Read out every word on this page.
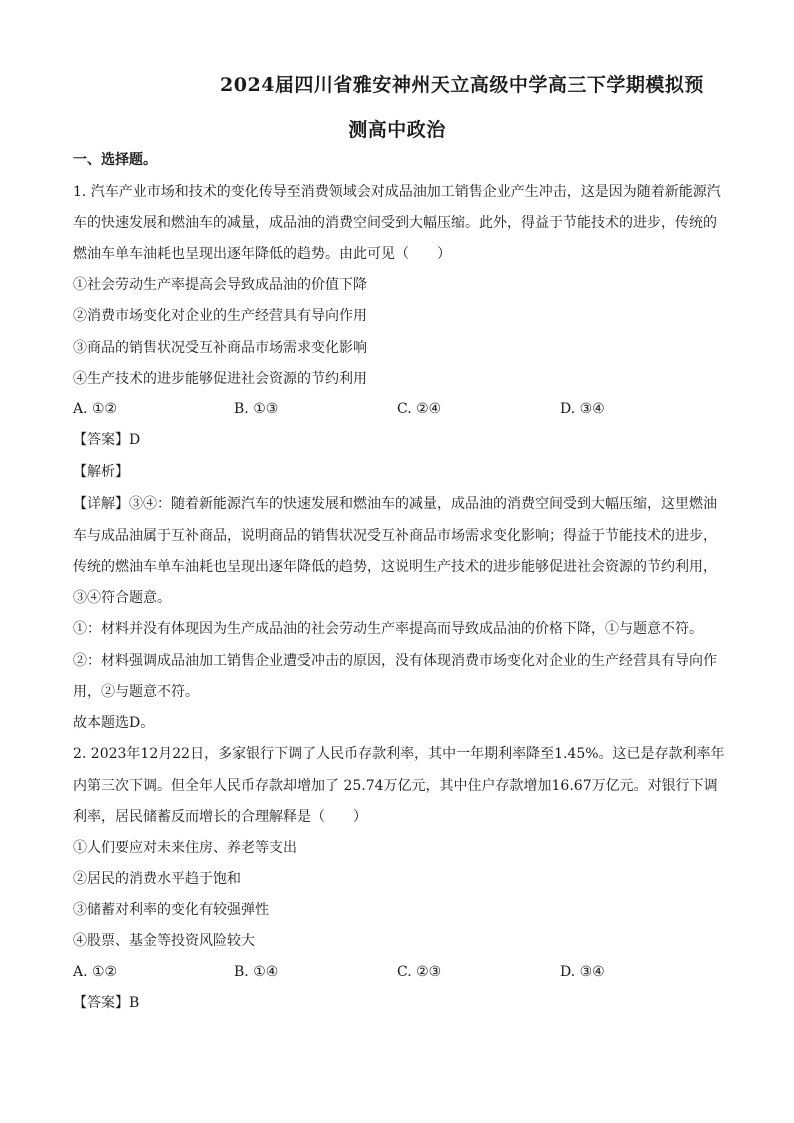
2024届四川省雅安神州天立高级中学高三下学期模拟预
测高中政治
一、选择题。
1. 汽车产业市场和技术的变化传导至消费领域会对成品油加工销售企业产生冲击，这是因为随着新能源汽
车的快速发展和燃油车的减量，成品油的消费空间受到大幅压缩。此外，得益于节能技术的进步，传统的
燃油车单车油耗也呈现出逐年降低的趋势。由此可见（　　）
①社会劳动生产率提高会导致成品油的价值下降
②消费市场变化对企业的生产经营具有导向作用
③商品的销售状况受互补商品市场需求变化影响
④生产技术的进步能够促进社会资源的节约利用
A. ①②	B. ①③	C. ②④	D. ③④
【答案】D
【解析】
【详解】③④：随着新能源汽车的快速发展和燃油车的减量，成品油的消费空间受到大幅压缩，这里燃油
车与成品油属于互补商品，说明商品的销售状况受互补商品市场需求变化影响；得益于节能技术的进步，
传统的燃油车单车油耗也呈现出逐年降低的趋势，这说明生产技术的进步能够促进社会资源的节约利用，
③④符合题意。
①：材料并没有体现因为生产成品油的社会劳动生产率提高而导致成品油的价格下降，①与题意不符。
②：材料强调成品油加工销售企业遭受冲击的原因，没有体现消费市场变化对企业的生产经营具有导向作
用，②与题意不符。
故本题选D。
2. 2023年12月22日，多家银行下调了人民币存款利率，其中一年期利率降至1.45%。这已是存款利率年
内第三次下调。但全年人民币存款却增加了 25.74万亿元，其中住户存款增加16.67万亿元。对银行下调
利率，居民储蓄反而增长的合理解释是（　　）
①人们要应对未来住房、养老等支出
②居民的消费水平趋于饱和
③储蓄对利率的变化有较强弹性
④股票、基金等投资风险较大
A. ①②	B. ①④	C. ②③	D. ③④
【答案】B
